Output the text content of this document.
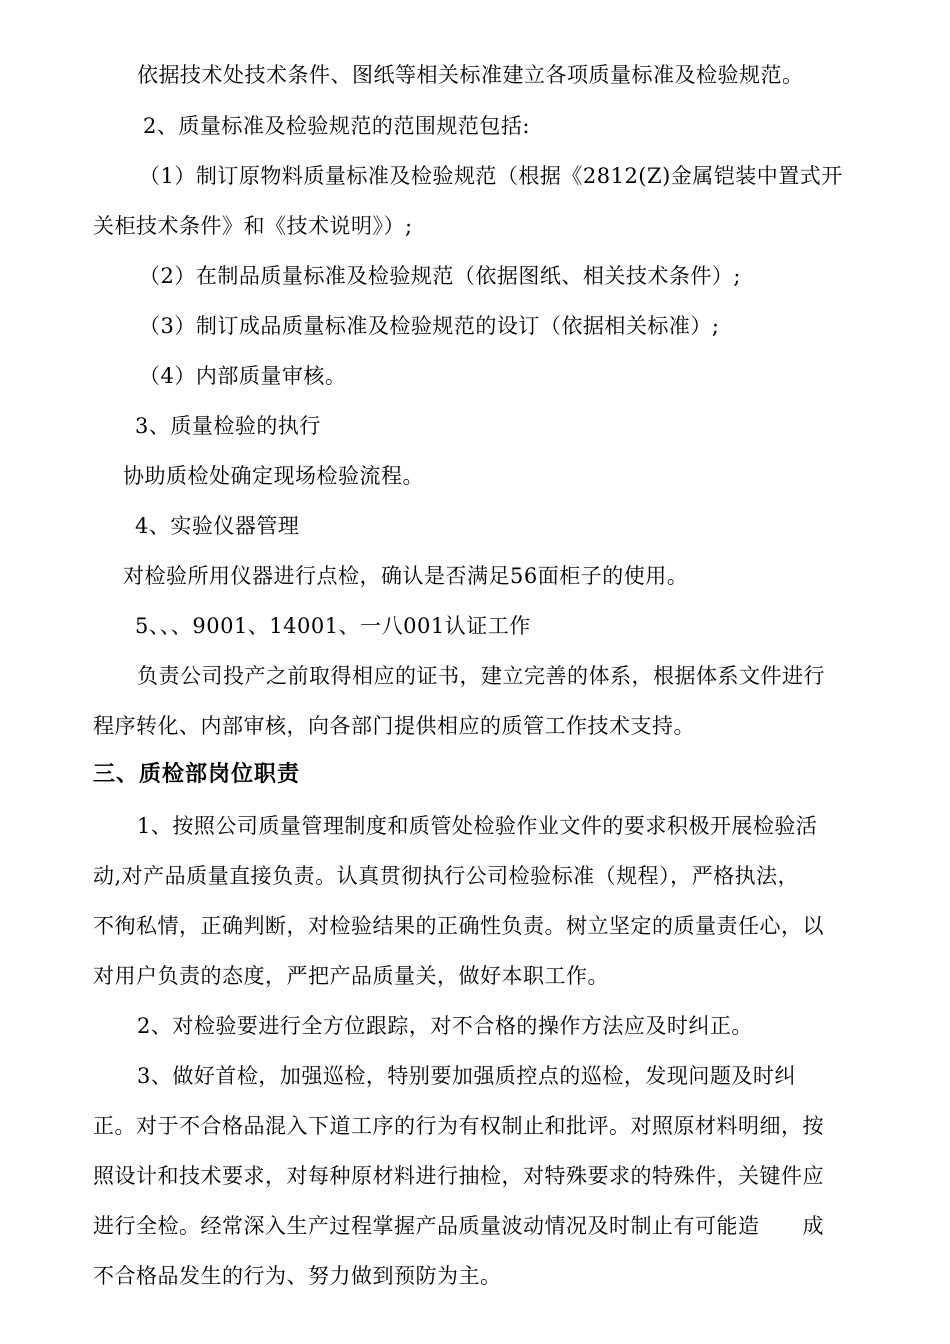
依据技术处技术条件、图纸等相关标准建立各项质量标准及检验规范。
2、质量标准及检验规范的范围规范包括:
（1）制订原物料质量标准及检验规范（根据《2812(Z)金属铠装中置式开
关柜技术条件》和《技术说明》）;
（2）在制品质量标准及检验规范（依据图纸、相关技术条件）;
（3）制订成品质量标准及检验规范的设订（依据相关标准）;
（4）内部质量审核。
3、质量检验的执行
协助质检处确定现场检验流程。
4、实验仪器管理
对检验所用仪器进行点检，确认是否满足56面柜子的使用。
5、、、9001、14001、一八001认证工作
负责公司投产之前取得相应的证书，建立完善的体系，根据体系文件进行
程序转化、内部审核，向各部门提供相应的质管工作技术支持。
三、质检部岗位职责
1、按照公司质量管理制度和质管处检验作业文件的要求积极开展检验活
动,对产品质量直接负责。认真贯彻执行公司检验标准（规程），严格执法，
不徇私情，正确判断，对检验结果的正确性负责。树立坚定的质量责任心，以
对用户负责的态度，严把产品质量关，做好本职工作。
2、对检验要进行全方位跟踪，对不合格的操作方法应及时纠正。
3、做好首检，加强巡检，特别要加强质控点的巡检，发现问题及时纠
正。对于不合格品混入下道工序的行为有权制止和批评。对照原材料明细，按
照设计和技术要求，对每种原材料进行抽检，对特殊要求的特殊件，关键件应
进行全检。经常深入生产过程掌握产品质量波动情况及时制止有可能造　　成
不合格品发生的行为、努力做到预防为主。
